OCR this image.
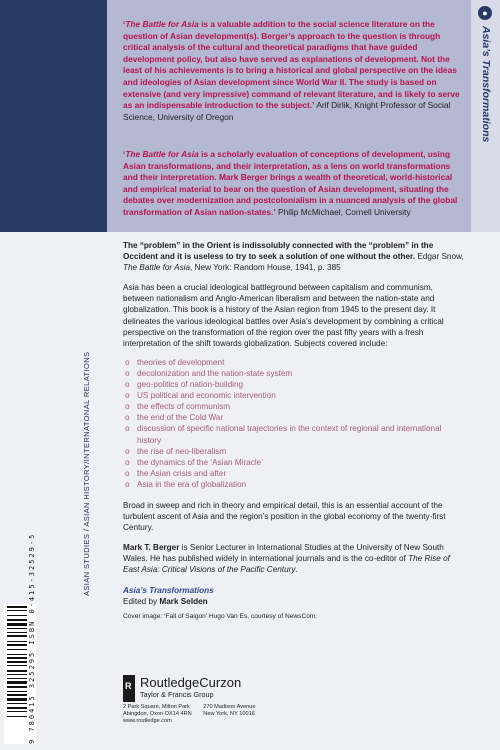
ASIAN STUDIES / ASIAN HISTORY/INTERNATONAL RELATIONS
●
Asia’s Transformations
‘The Battle for Asia is a valuable addition to the social science literature on the question of Asian development(s). Berger’s approach to the question is through critical analysis of the cultural and theoretical paradigms that have guided development policy, but also have served as explanations of development. Not the least of his achievements is to bring a historical and global perspective on the ideas and ideologies of Asian development since World War II. The study is based on extensive (and very impressive) command of relevant literature, and is likely to serve as an indispensable introduction to the subject.’ Arif Dirlik, Knight Professor of Social Science, University of Oregon
‘The Battle for Asia is a scholarly evaluation of conceptions of development, using Asian transformations, and their interpretation, as a lens on world transformations and their interpretation. Mark Berger brings a wealth of theoretical, world-historical and empirical material to bear on the question of Asian development, situating the debates over modernization and postcolonialism in a nuanced analysis of the global transformation of Asian nation-states.’ Philip McMichael, Cornell University

The “problem” in the Orient is indissolubly connected with the “problem” in the Occident and it is useless to try to seek a solution of one without the other. Edgar Snow, The Battle for Asia, New York: Random House, 1941, p. 385

Asia has been a crucial ideological battleground between capitalism and communism, between nationalism and Anglo-American liberalism and between the nation-state and globalization. This book is a history of the Asian region from 1945 to the present day. It delineates the various ideological battles over Asia’s development by combining a critical perspective on the transformation of the region over the past fifty years with a fresh interpretation of the shift towards globalization. Subjects covered include:

o theories of development
o decolonization and the nation-state system
o geo-politics of nation-building
o US political and economic intervention
o the effects of communism
o the end of the Cold War
o discussion of specific national trajectories in the context of regional and international history
o the rise of neo-liberalism
o the dynamics of the ‘Asian Miracle’
o the Asian crisis and after
o Asia in the era of globalization

Broad in sweep and rich in theory and empirical detail, this is an essential account of the turbulent ascent of Asia and the region’s position in the global economy of the twenty-first Century.

Mark T. Berger is Senior Lecturer in International Studies at the University of New South Wales. He has published widely in international journals and is the co-editor of The Rise of East Asia: Critical Visions of the Pacific Century.

Asia’s Transformations
Edited by Mark Selden
Cover image: ‘Fall of Saigon’ Hugo Van Es, courtesy of NewsCom.
R RoutledgeCurzon
Taylor & Francis Group
2 Park Square, Milton Park
Abingdon, Oxon OX14 4RN
www.routledge.com 270 Madison Avenue
New York, NY 10016
9 780415 325295 ISBN 0-415-32529-5
